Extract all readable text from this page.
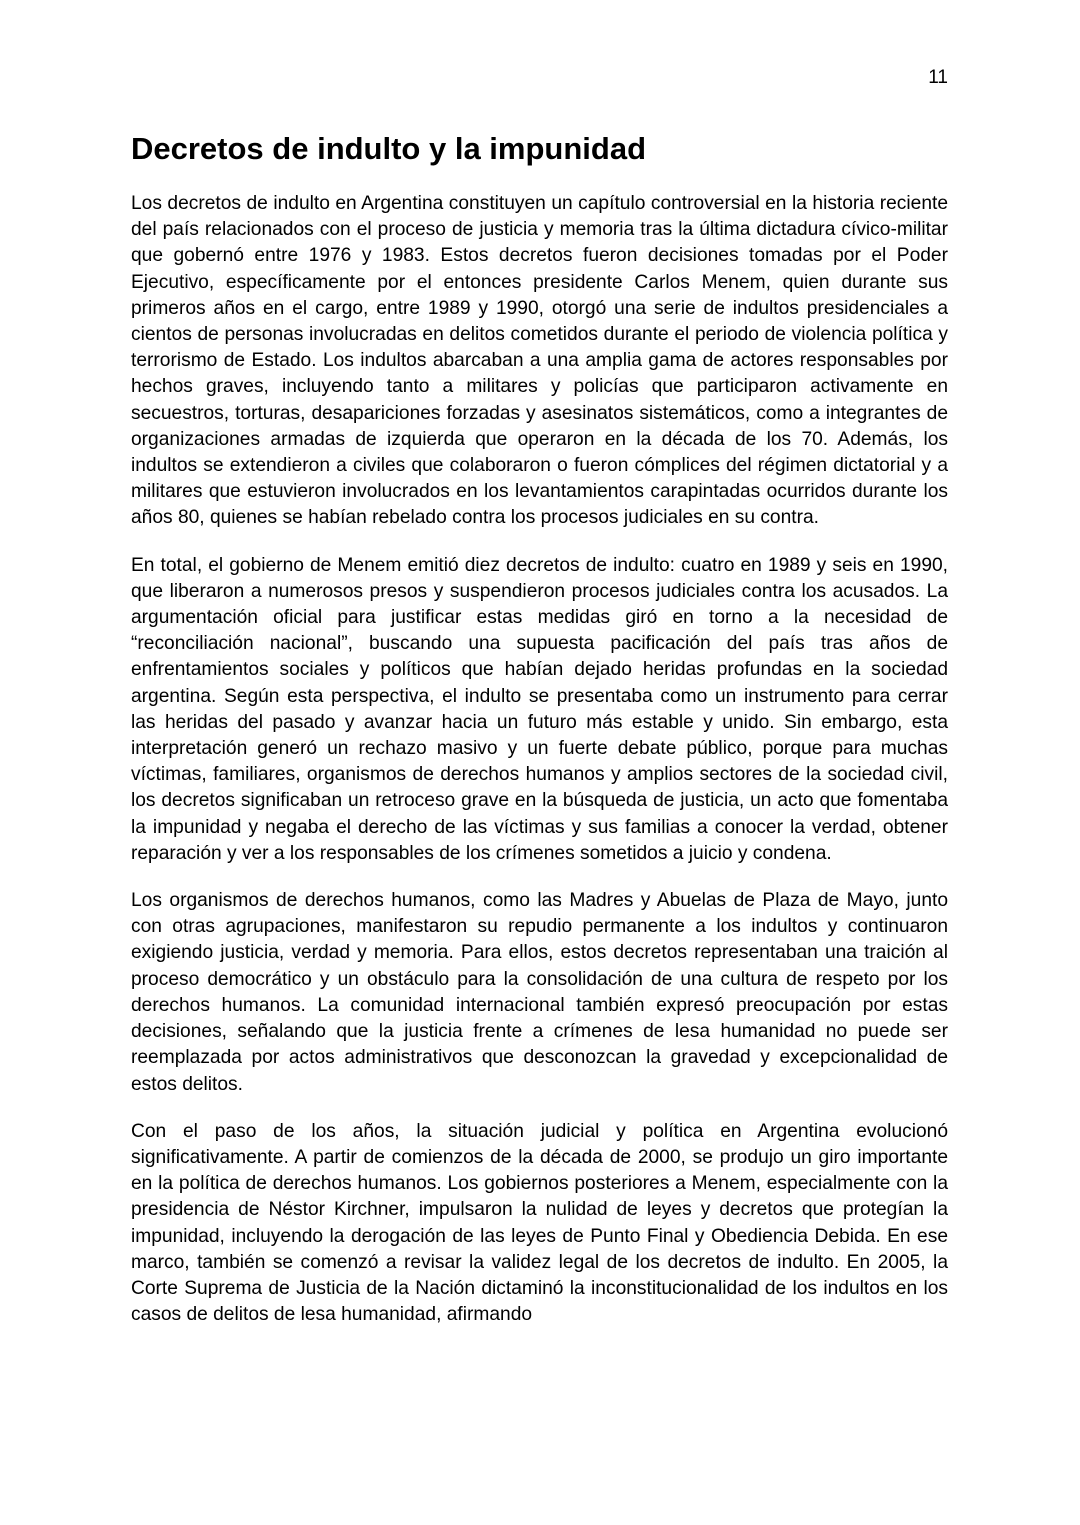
11
Decretos de indulto y la impunidad

Los decretos de indulto en Argentina constituyen un capítulo controversial en la historia reciente del país relacionados con el proceso de justicia y memoria tras la última dictadura cívico-militar que gobernó entre 1976 y 1983. Estos decretos fueron decisiones tomadas por el Poder Ejecutivo, específicamente por el entonces presidente Carlos Menem, quien durante sus primeros años en el cargo, entre 1989 y 1990, otorgó una serie de indultos presidenciales a cientos de personas involucradas en delitos cometidos durante el periodo de violencia política y terrorismo de Estado. Los indultos abarcaban a una amplia gama de actores responsables por hechos graves, incluyendo tanto a militares y policías que participaron activamente en secuestros, torturas, desapariciones forzadas y asesinatos sistemáticos, como a integrantes de organizaciones armadas de izquierda que operaron en la década de los 70. Además, los indultos se extendieron a civiles que colaboraron o fueron cómplices del régimen dictatorial y a militares que estuvieron involucrados en los levantamientos carapintadas ocurridos durante los años 80, quienes se habían rebelado contra los procesos judiciales en su contra.

En total, el gobierno de Menem emitió diez decretos de indulto: cuatro en 1989 y seis en 1990, que liberaron a numerosos presos y suspendieron procesos judiciales contra los acusados. La argumentación oficial para justificar estas medidas giró en torno a la necesidad de “reconciliación nacional”, buscando una supuesta pacificación del país tras años de enfrentamientos sociales y políticos que habían dejado heridas profundas en la sociedad argentina. Según esta perspectiva, el indulto se presentaba como un instrumento para cerrar las heridas del pasado y avanzar hacia un futuro más estable y unido. Sin embargo, esta interpretación generó un rechazo masivo y un fuerte debate público, porque para muchas víctimas, familiares, organismos de derechos humanos y amplios sectores de la sociedad civil, los decretos significaban un retroceso grave en la búsqueda de justicia, un acto que fomentaba la impunidad y negaba el derecho de las víctimas y sus familias a conocer la verdad, obtener reparación y ver a los responsables de los crímenes sometidos a juicio y condena.

Los organismos de derechos humanos, como las Madres y Abuelas de Plaza de Mayo, junto con otras agrupaciones, manifestaron su repudio permanente a los indultos y continuaron exigiendo justicia, verdad y memoria. Para ellos, estos decretos representaban una traición al proceso democrático y un obstáculo para la consolidación de una cultura de respeto por los derechos humanos. La comunidad internacional también expresó preocupación por estas decisiones, señalando que la justicia frente a crímenes de lesa humanidad no puede ser reemplazada por actos administrativos que desconozcan la gravedad y excepcionalidad de estos delitos.

Con el paso de los años, la situación judicial y política en Argentina evolucionó significativamente. A partir de comienzos de la década de 2000, se produjo un giro importante en la política de derechos humanos. Los gobiernos posteriores a Menem, especialmente con la presidencia de Néstor Kirchner, impulsaron la nulidad de leyes y decretos que protegían la impunidad, incluyendo la derogación de las leyes de Punto Final y Obediencia Debida. En ese marco, también se comenzó a revisar la validez legal de los decretos de indulto. En 2005, la Corte Suprema de Justicia de la Nación dictaminó la inconstitucionalidad de los indultos en los casos de delitos de lesa humanidad, afirmando
